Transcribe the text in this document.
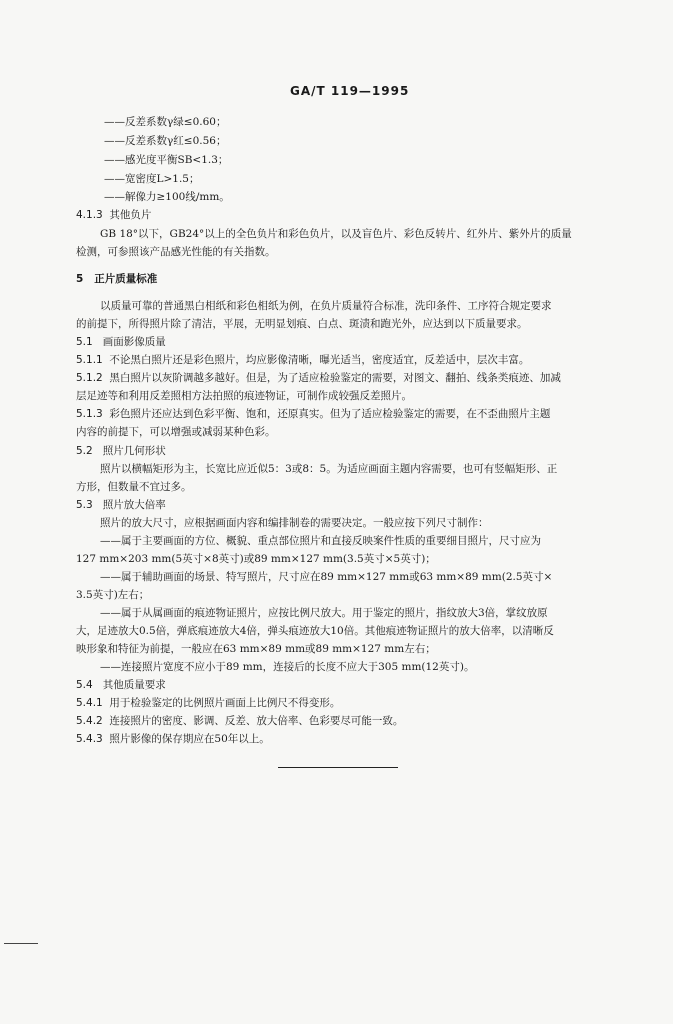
GA/T 119—1995
——反差系数γ绿≤0.60；
——反差系数γ红≤0.56；
——感光度平衡SB<1.3；
——宽密度L>1.5；
——解像力≥100线/mm。
4.1.3 其他负片
GB 18°以下，GB24°以上的全色负片和彩色负片，以及盲色片、彩色反转片、红外片、紫外片的质量
检测，可参照该产品感光性能的有关指数。
5 正片质量标准
以质量可靠的普通黑白相纸和彩色相纸为例，在负片质量符合标准，洗印条件、工序符合规定要求
的前提下，所得照片除了清洁，平展，无明显划痕、白点、斑渍和跑光外，应达到以下质量要求。
5.1 画面影像质量
5.1.1 不论黑白照片还是彩色照片，均应影像清晰，曝光适当，密度适宜，反差适中，层次丰富。
5.1.2 黑白照片以灰阶调越多越好。但是，为了适应检验鉴定的需要，对图文、翻拍、线条类痕迹、加减
层足迹等和利用反差照相方法拍照的痕迹物证，可制作成较强反差照片。
5.1.3 彩色照片还应达到色彩平衡、饱和，还原真实。但为了适应检验鉴定的需要，在不歪曲照片主题
内容的前提下，可以增强或减弱某种色彩。
5.2 照片几何形状
照片以横幅矩形为主，长宽比应近似5：3或8：5。为适应画面主题内容需要，也可有竖幅矩形、正
方形，但数量不宜过多。
5.3 照片放大倍率
照片的放大尺寸，应根据画面内容和编排制卷的需要决定。一般应按下列尺寸制作：
——属于主要画面的方位、概貌、重点部位照片和直接反映案件性质的重要细目照片，尺寸应为
127 mm×203 mm(5英寸×8英寸)或89 mm×127 mm(3.5英寸×5英寸)；
——属于辅助画面的场景、特写照片，尺寸应在89 mm×127 mm或63 mm×89 mm(2.5英寸×
3.5英寸)左右；
——属于从属画面的痕迹物证照片，应按比例尺放大。用于鉴定的照片，指纹放大3倍，掌纹放原
大，足迹放大0.5倍，弹底痕迹放大4倍，弹头痕迹放大10倍。其他痕迹物证照片的放大倍率，以清晰反
映形象和特征为前提，一般应在63 mm×89 mm或89 mm×127 mm左右；
——连接照片宽度不应小于89 mm，连接后的长度不应大于305 mm(12英寸)。
5.4 其他质量要求
5.4.1 用于检验鉴定的比例照片画面上比例尺不得变形。
5.4.2 连接照片的密度、影调、反差、放大倍率、色彩要尽可能一致。
5.4.3 照片影像的保存期应在50年以上。
